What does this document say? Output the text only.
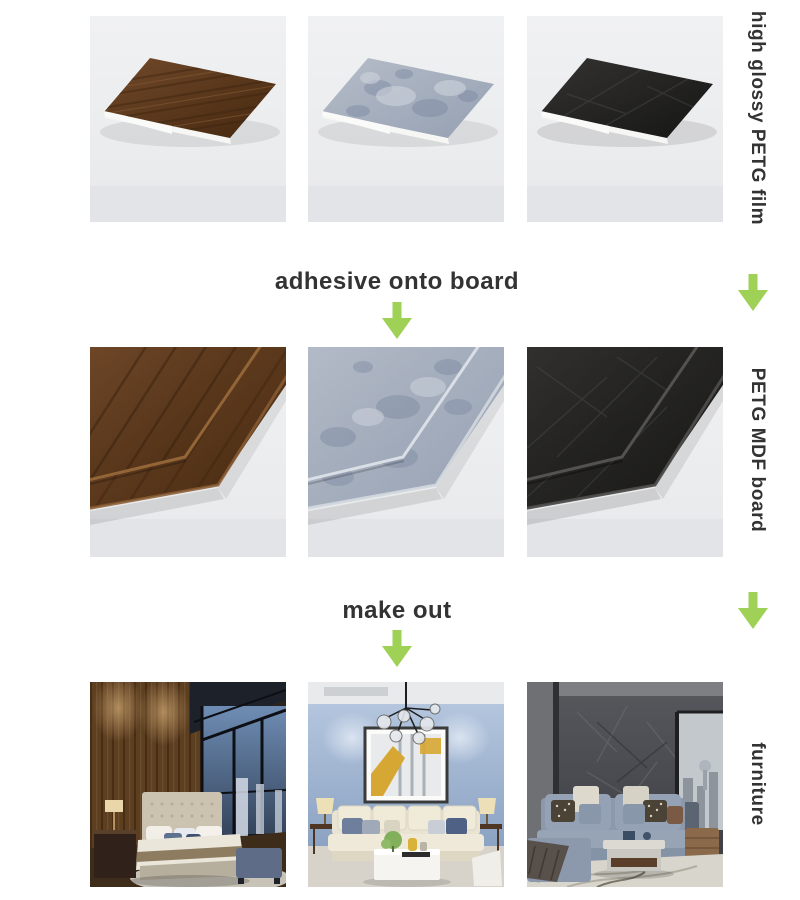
high glossy PETG film
adhesive onto board
PETG MDF board
make out
furniture
